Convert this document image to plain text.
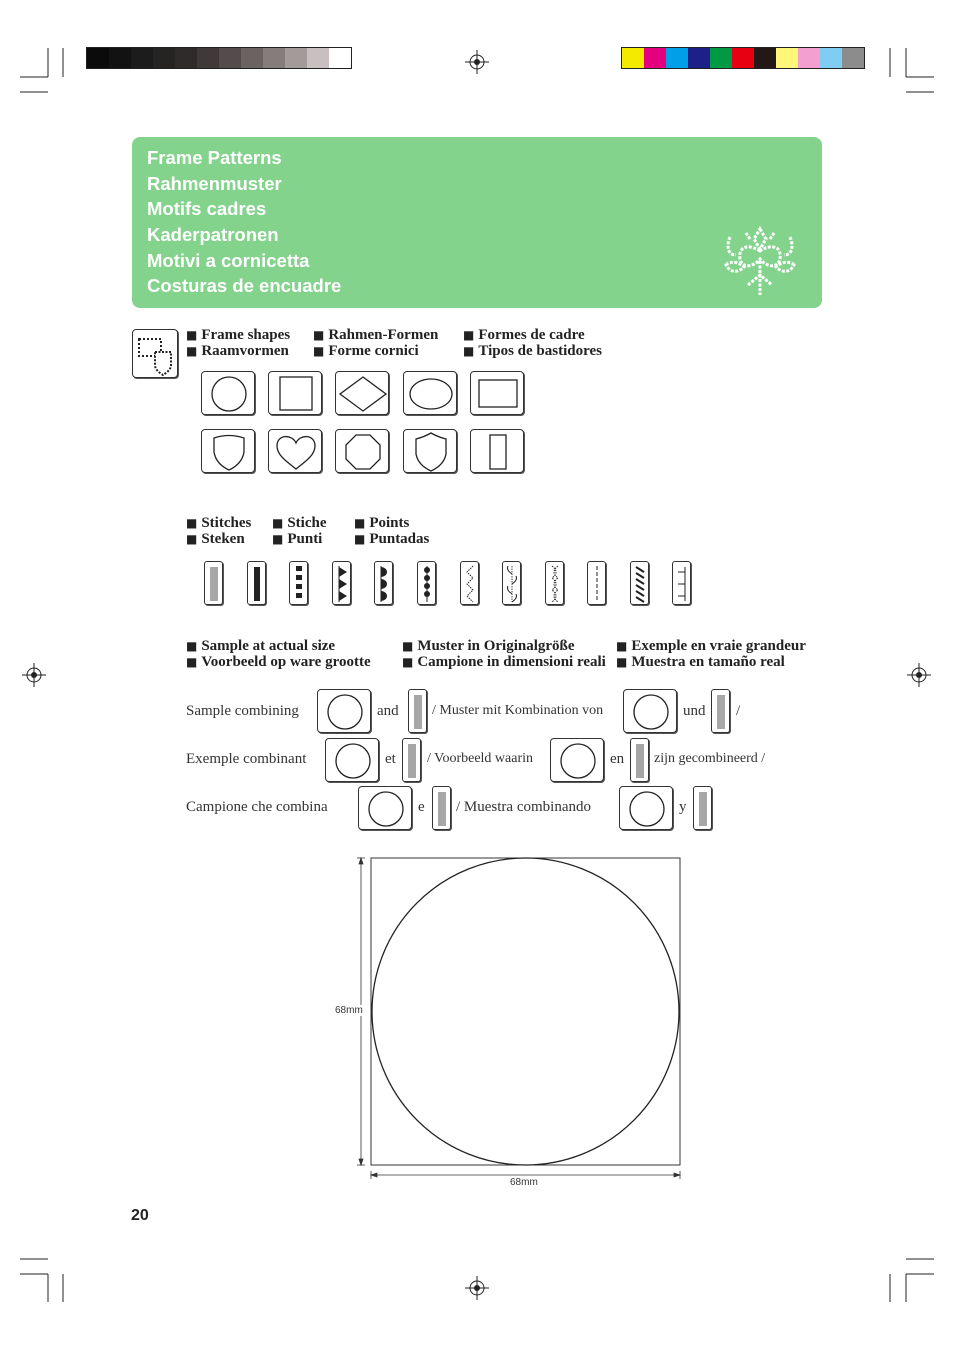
Frame Patterns
Rahmenmuster
Motifs cadres
Kaderpatronen
Motivi a cornicetta
Costuras de encuadre
■ Frame shapes ■ Rahmen-Formen ■ Formes de cadre
■ Raamvormen ■ Forme cornici	■ Tipos de bastidores
■ Stitches ■ Stiche ■ Points
■ Steken ■ Punti	■ Puntadas
■ Sample at actual size	■ Muster in Originalgröße	■ Exemple en vraie grandeur
■ Voorbeeld op ware grootte	■ Campione in dimensioni reali ■ Muestra en tamaño real
Sample combining	and / Muster mit Kombination von	und /
Exemple combinant	et / Voorbeeld waarin	en zijn gecombineerd /
Campione che combina	e / Muestra combinando	y
68mm
68mm
20
